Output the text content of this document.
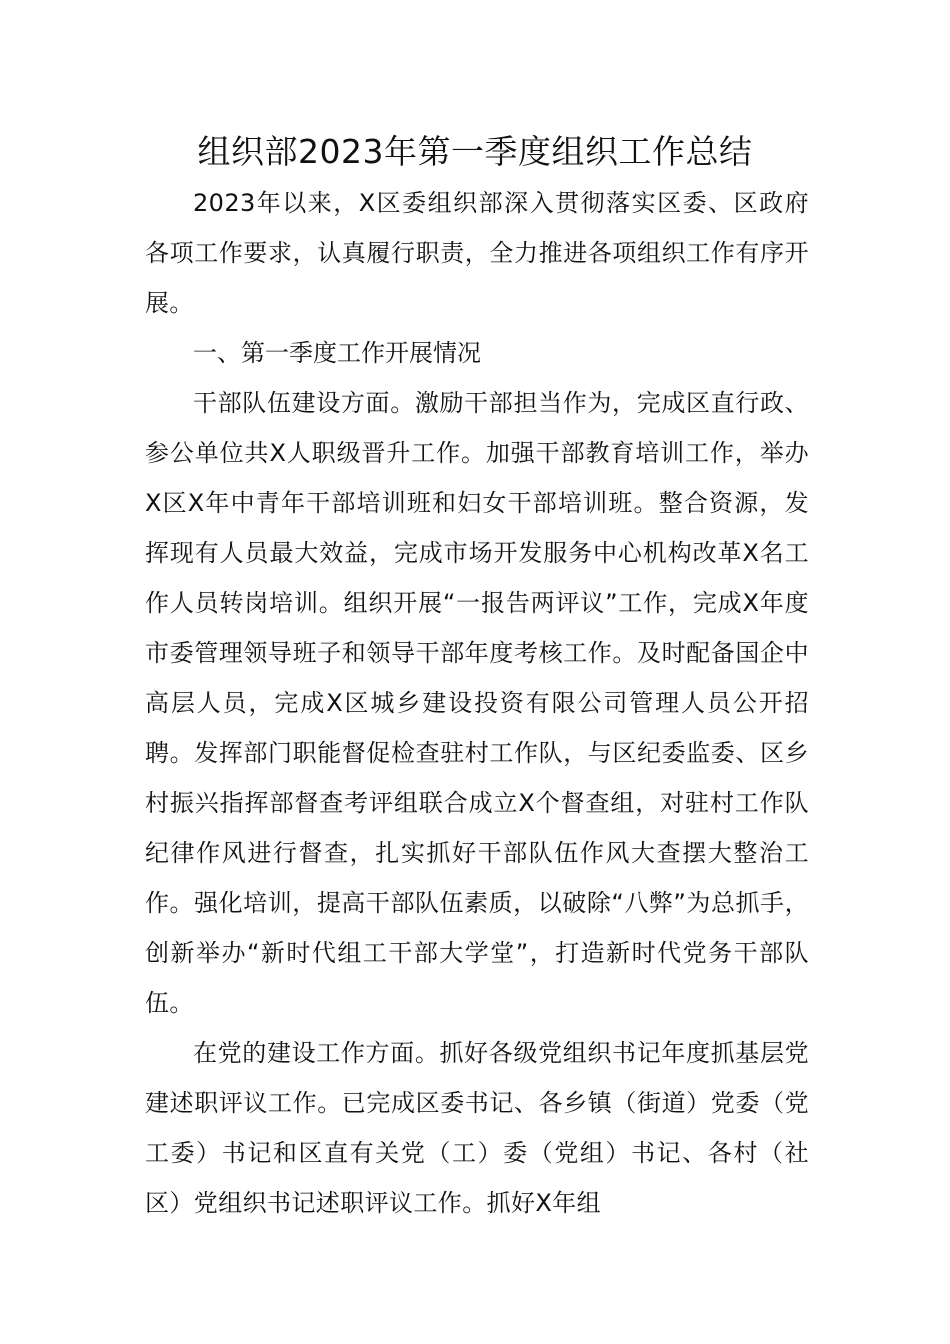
组织部2023年第一季度组织工作总结

2023年以来，X区委组织部深入贯彻落实区委、区政府各项工作要求，认真履行职责，全力推进各项组织工作有序开展。

一、第一季度工作开展情况

干部队伍建设方面。激励干部担当作为，完成区直行政、参公单位共X人职级晋升工作。加强干部教育培训工作，举办X区X年中青年干部培训班和妇女干部培训班。整合资源，发挥现有人员最大效益，完成市场开发服务中心机构改革X名工作人员转岗培训。组织开展“一报告两评议”工作，完成X年度市委管理领导班子和领导干部年度考核工作。及时配备国企中高层人员，完成X区城乡建设投资有限公司管理人员公开招聘。发挥部门职能督促检查驻村工作队，与区纪委监委、区乡村振兴指挥部督查考评组联合成立X个督查组，对驻村工作队纪律作风进行督查，扎实抓好干部队伍作风大查摆大整治工作。强化培训，提高干部队伍素质，以破除“八弊”为总抓手，创新举办“新时代组工干部大学堂”，打造新时代党务干部队伍。

在党的建设工作方面。抓好各级党组织书记年度抓基层党建述职评议工作。已完成区委书记、各乡镇（街道）党委（党工委）书记和区直有关党（工）委（党组）书记、各村（社区）党组织书记述职评议工作。抓好X年组
